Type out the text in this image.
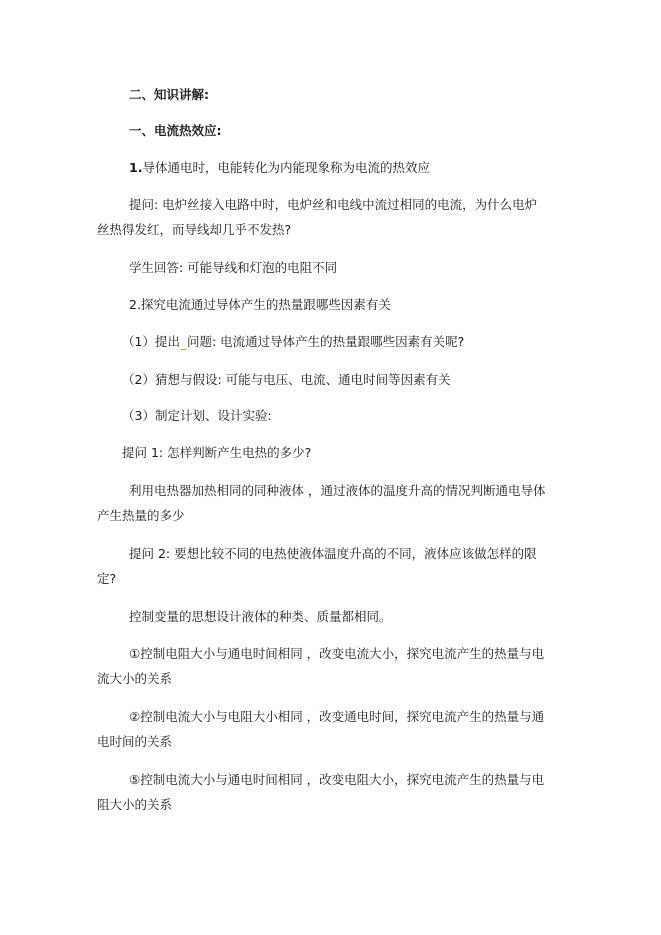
二、知识讲解:

一、电流热效应:

1.导体通电时，电能转化为内能现象称为电流的热效应

提问: 电炉丝接入电路中时，电炉丝和电线中流过相同的电流，为什么电炉

丝热得发红，而导线却几乎不发热?

学生回答: 可能导线和灯泡的电阻不同

2.探究电流通过导体产生的热量跟哪些因素有关

（1）提出 问题: 电流通过导体产生的热量跟哪些因素有关呢?

（2）猜想与假设: 可能与电压、电流、通电时间等因素有关

（3）制定计划、设计实验:

提问 1: 怎样判断产生电热的多少?

利用电热器加热相同的同种液体 ，通过液体的温度升高的情况判断通电导体

产生热量的多少

提问 2: 要想比较不同的电热使液体温度升高的不同，液体应该做怎样的限

定?

控制变量的思想设计液体的种类、质量都相同。

①控制电阻大小与通电时间相同 ，改变电流大小，探究电流产生的热量与电

流大小的关系

②控制电流大小与电阻大小相同 ，改变通电时间，探究电流产生的热量与通

电时间的关系

⑤控制电流大小与通电时间相同 ，改变电阻大小，探究电流产生的热量与电

阻大小的关系
